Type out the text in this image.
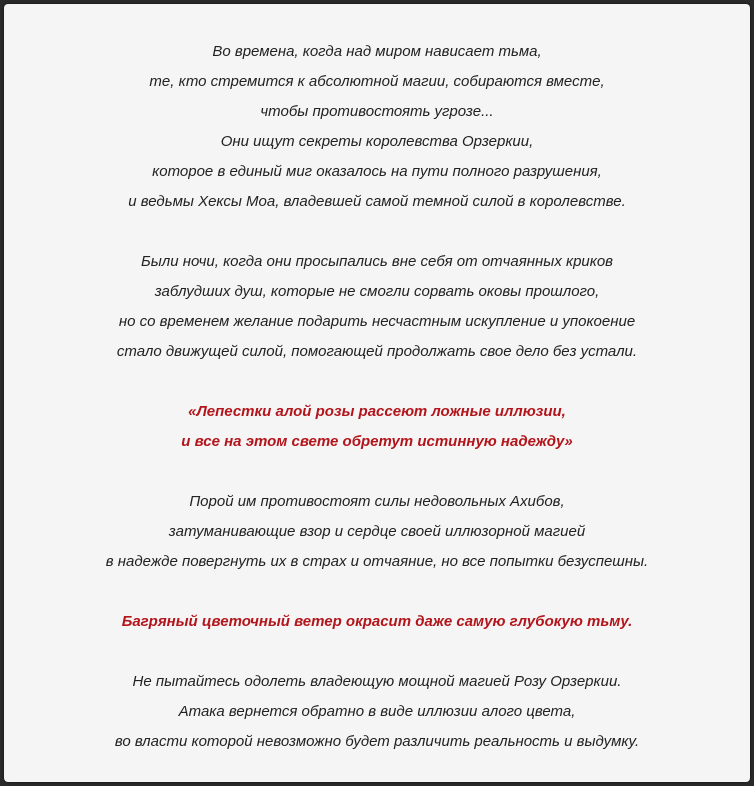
Во времена, когда над миром нависает тьма,
те, кто стремится к абсолютной магии, собираются вместе,
чтобы противостоять угрозе...
Они ищут секреты королевства Орзеркии,
которое в единый миг оказалось на пути полного разрушения,
и ведьмы Хексы Моа, владевшей самой темной силой в королевстве.
Были ночи, когда они просыпались вне себя от отчаянных криков
заблудших душ, которые не смогли сорвать оковы прошлого,
но со временем желание подарить несчастным искупление и упокоение
стало движущей силой, помогающей продолжать свое дело без устали.
«Лепестки алой розы рассеют ложные иллюзии,
и все на этом свете обретут истинную надежду»
Порой им противостоят силы недовольных Ахибов,
затуманивающие взор и сердце своей иллюзорной магией
в надежде повергнуть их в страх и отчаяние, но все попытки безуспешны.
Багряный цветочный ветер окрасит даже самую глубокую тьму.
Не пытайтесь одолеть владеющую мощной магией Розу Орзеркии.
Атака вернется обратно в виде иллюзии алого цвета,
во власти которой невозможно будет различить реальность и выдумку.
